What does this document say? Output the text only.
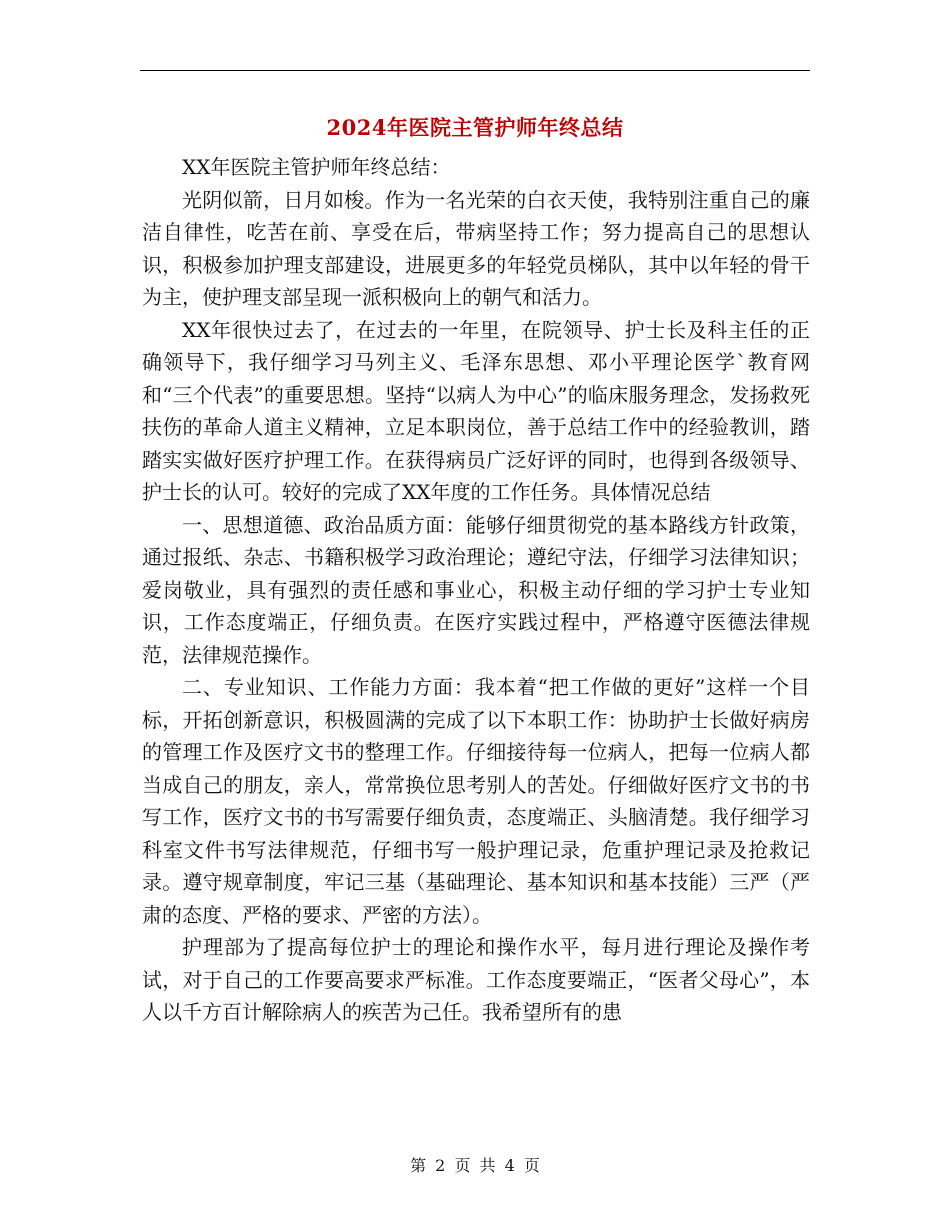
2024年医院主管护师年终总结

XX年医院主管护师年终总结：

光阴似箭，日月如梭。作为一名光荣的白衣天使，我特别注重自己的廉洁自律性，吃苦在前、享受在后，带病坚持工作；努力提高自己的思想认识，积极参加护理支部建设，进展更多的年轻党员梯队，其中以年轻的骨干为主，使护理支部呈现一派积极向上的朝气和活力。

XX年很快过去了，在过去的一年里，在院领导、护士长及科主任的正确领导下，我仔细学习马列主义、毛泽东思想、邓小平理论医学`教育网和“三个代表”的重要思想。坚持“以病人为中心”的临床服务理念，发扬救死扶伤的革命人道主义精神，立足本职岗位，善于总结工作中的经验教训，踏踏实实做好医疗护理工作。在获得病员广泛好评的同时，也得到各级领导、护士长的认可。较好的完成了XX年度的工作任务。具体情况总结

一、思想道德、政治品质方面：能够仔细贯彻党的基本路线方针政策，通过报纸、杂志、书籍积极学习政治理论；遵纪守法，仔细学习法律知识；爱岗敬业，具有强烈的责任感和事业心，积极主动仔细的学习护士专业知识，工作态度端正，仔细负责。在医疗实践过程中，严格遵守医德法律规范，法律规范操作。

二、专业知识、工作能力方面：我本着“把工作做的更好”这样一个目标，开拓创新意识，积极圆满的完成了以下本职工作：协助护士长做好病房的管理工作及医疗文书的整理工作。仔细接待每一位病人，把每一位病人都当成自己的朋友，亲人，常常换位思考别人的苦处。仔细做好医疗文书的书写工作，医疗文书的书写需要仔细负责，态度端正、头脑清楚。我仔细学习科室文件书写法律规范，仔细书写一般护理记录，危重护理记录及抢救记录。遵守规章制度，牢记三基（基础理论、基本知识和基本技能）三严（严肃的态度、严格的要求、严密的方法）。

护理部为了提高每位护士的理论和操作水平，每月进行理论及操作考试，对于自己的工作要高要求严标准。工作态度要端正，“医者父母心”，本人以千方百计解除病人的疾苦为己任。我希望所有的患

第 2 页 共 4 页
